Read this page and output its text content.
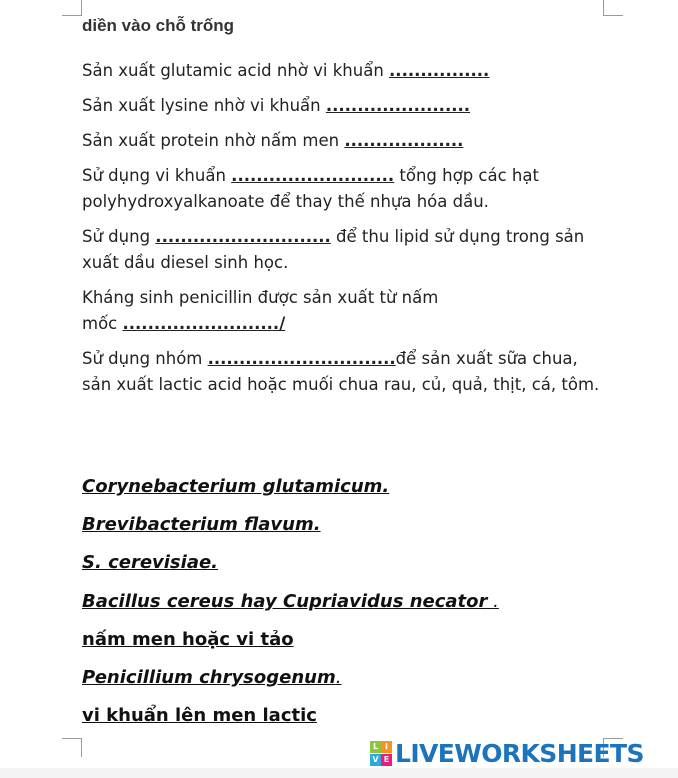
diền vào chỗ trống
Sản xuất glutamic acid nhờ vi khuẩn ................
Sản xuất lysine nhờ vi khuẩn .......................
Sản xuất protein nhờ nấm men ...................
Sử dụng vi khuẩn .......................... tổng hợp các hạt polyhydroxyalkanoate để thay thế nhựa hóa dầu.
Sử dụng ............................ để thu lipid sử dụng trong sản xuất dầu diesel sinh học.
Kháng sinh penicillin được sản xuất từ nấm mốc ........................./
Sử dụng nhóm ..............................để sản xuất sữa chua, sản xuất lactic acid hoặc muối chua rau, củ, quả, thịt, cá, tôm.
Corynebacterium glutamicum.
Brevibacterium flavum.
S. cerevisiae.
Bacillus cereus hay Cupriavidus necator .
nấm men hoặc vi tảo
Penicillium chrysogenum.
vi khuẩn lên men lactic
L I
V E LIVEWORKSHEETS
